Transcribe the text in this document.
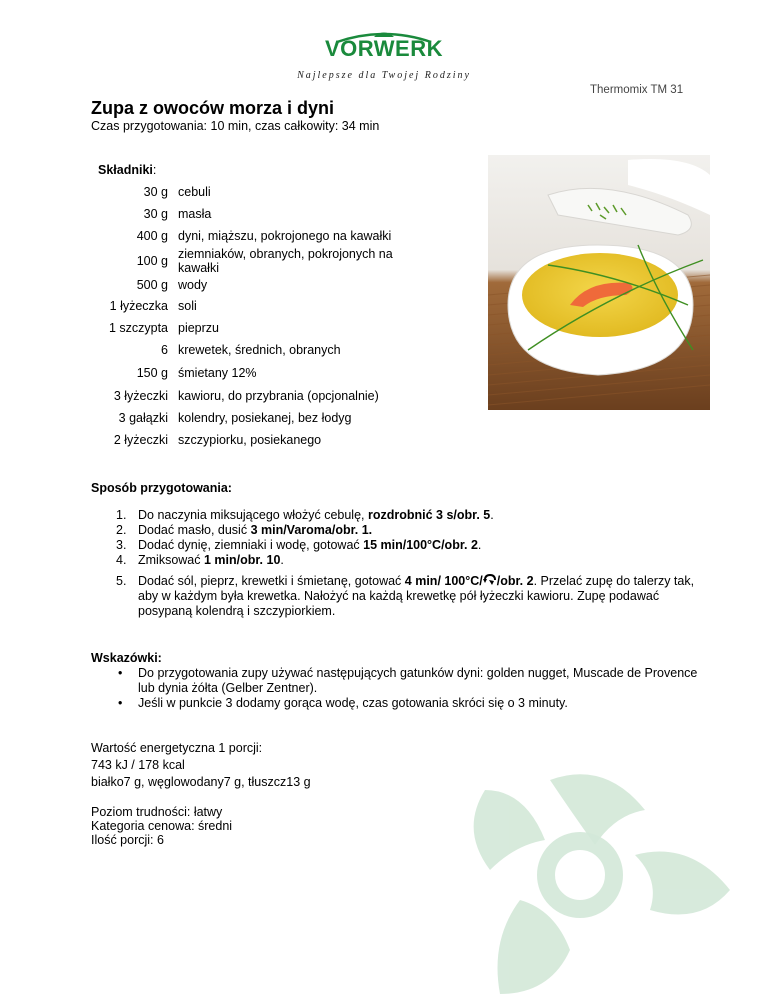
VORWERK
Najlepsze dla Twojej Rodziny
Thermomix TM 31
Zupa z owoców morza i dyni
Czas przygotowania: 10 min, czas całkowity: 34 min
Składniki:
30 g	cebuli
30 g	masła
400 g	dyni, miąższu, pokrojonego na kawałki
100 g	ziemniaków, obranych, pokrojonych na kawałki
500 g	wody
1 łyżeczka	soli
1 szczypta	pieprzu
6	krewetek, średnich, obranych
150 g	śmietany 12%
3 łyżeczki	kawioru, do przybrania (opcjonalnie)
3 gałązki	kolendry, posiekanej, bez łodyg
2 łyżeczki	szczypiorku, posiekanego
Sposób przygotowania:
1. Do naczynia miksującego włożyć cebulę, rozdrobnić 3 s/obr. 5.
2. Dodać masło, dusić 3 min/Varoma/obr. 1.
3. Dodać dynię, ziemniaki i wodę, gotować 15 min/100°C/obr. 2.
4. Zmiksować 1 min/obr. 10.
5. Dodać sól, pieprz, krewetki i śmietanę, gotować 4 min/ 100°C/ /obr. 2. Przelać zupę do talerzy tak, aby w każdym była krewetka. Nałożyć na każdą krewetkę pół łyżeczki kawioru. Zupę podawać posypaną kolendrą i szczypiorkiem.
Wskazówki:
• Do przygotowania zupy używać następujących gatunków dyni: golden nugget, Muscade de Provence lub dynia żółta (Gelber Zentner).
• Jeśli w punkcie 3 dodamy gorąca wodę, czas gotowania skróci się o 3 minuty.
Wartość energetyczna 1 porcji:
743 kJ / 178 kcal
białko7 g, węglowodany7 g, tłuszcz13 g
Poziom trudności: łatwy
Kategoria cenowa: średni
Ilość porcji: 6
